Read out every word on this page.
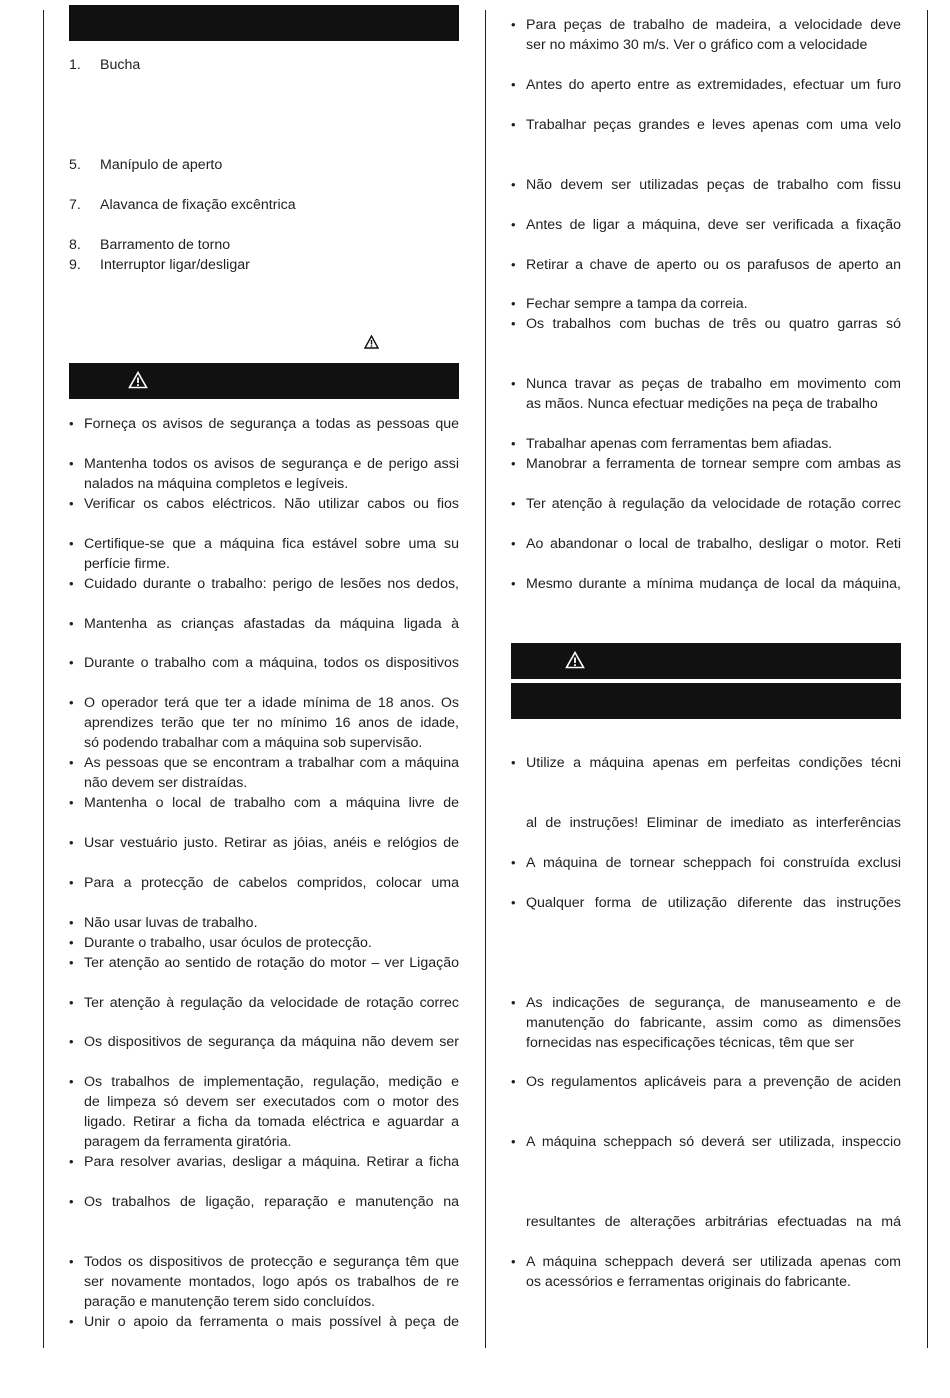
1. Bucha
5. Manípulo de aperto
7. Alavanca de fixação excêntrica
8. Barramento de torno
9. Interruptor ligar/desligar
• Forneça os avisos de segurança a todas as pessoas que
• Mantenha todos os avisos de segurança e de perigo assi
nalados na máquina completos e legíveis.
• Verificar os cabos eléctricos. Não utilizar cabos ou fios
• Certifique-se que a máquina fica estável sobre uma su
perfície firme.
• Cuidado durante o trabalho: perigo de lesões nos dedos,
• Mantenha as crianças afastadas da máquina ligada à
• Durante o trabalho com a máquina, todos os dispositivos
• O operador terá que ter a idade mínima de 18 anos. Os
aprendizes terão que ter no mínimo 16 anos de idade,
só podendo trabalhar com a máquina sob supervisão.
• As pessoas que se encontram a trabalhar com a máquina
não devem ser distraídas.
• Mantenha o local de trabalho com a máquina livre de
• Usar vestuário justo. Retirar as jóias, anéis e relógios de
• Para a protecção de cabelos compridos, colocar uma
• Não usar luvas de trabalho.
• Durante o trabalho, usar óculos de protecção.
• Ter atenção ao sentido de rotação do motor – ver Ligação
• Ter atenção à regulação da velocidade de rotação correc
• Os dispositivos de segurança da máquina não devem ser
• Os trabalhos de implementação, regulação, medição e
de limpeza só devem ser executados com o motor des
ligado. Retirar a ficha da tomada eléctrica e aguardar a
paragem da ferramenta giratória.
• Para resolver avarias, desligar a máquina. Retirar a ficha
• Os trabalhos de ligação, reparação e manutenção na
• Todos os dispositivos de protecção e segurança têm que
ser novamente montados, logo após os trabalhos de re
paração e manutenção terem sido concluídos.
• Unir o apoio da ferramenta o mais possível à peça de
• Para peças de trabalho de madeira, a velocidade deve
ser no máximo 30 m/s. Ver o gráfico com a velocidade
• Antes do aperto entre as extremidades, efectuar um furo
• Trabalhar peças grandes e leves apenas com uma velo
• Não devem ser utilizadas peças de trabalho com fissu
• Antes de ligar a máquina, deve ser verificada a fixação
• Retirar a chave de aperto ou os parafusos de aperto an
• Fechar sempre a tampa da correia.
• Os trabalhos com buchas de três ou quatro garras só
• Nunca travar as peças de trabalho em movimento com
as mãos. Nunca efectuar medições na peça de trabalho
• Trabalhar apenas com ferramentas bem afiadas.
• Manobrar a ferramenta de tornear sempre com ambas as
• Ter atenção à regulação da velocidade de rotação correc
• Ao abandonar o local de trabalho, desligar o motor. Reti
• Mesmo durante a mínima mudança de local da máquina,
• Utilize a máquina apenas em perfeitas condições técni
al de instruções! Eliminar de imediato as interferências
• A máquina de tornear scheppach foi construída exclusi
• Qualquer forma de utilização diferente das instruções
• As indicações de segurança, de manuseamento e de
manutenção do fabricante, assim como as dimensões
fornecidas nas especificações técnicas, têm que ser
• Os regulamentos aplicáveis para a prevenção de aciden
• A máquina scheppach só deverá ser utilizada, inspeccio
resultantes de alterações arbitrárias efectuadas na má
• A máquina scheppach deverá ser utilizada apenas com
os acessórios e ferramentas originais do fabricante.
